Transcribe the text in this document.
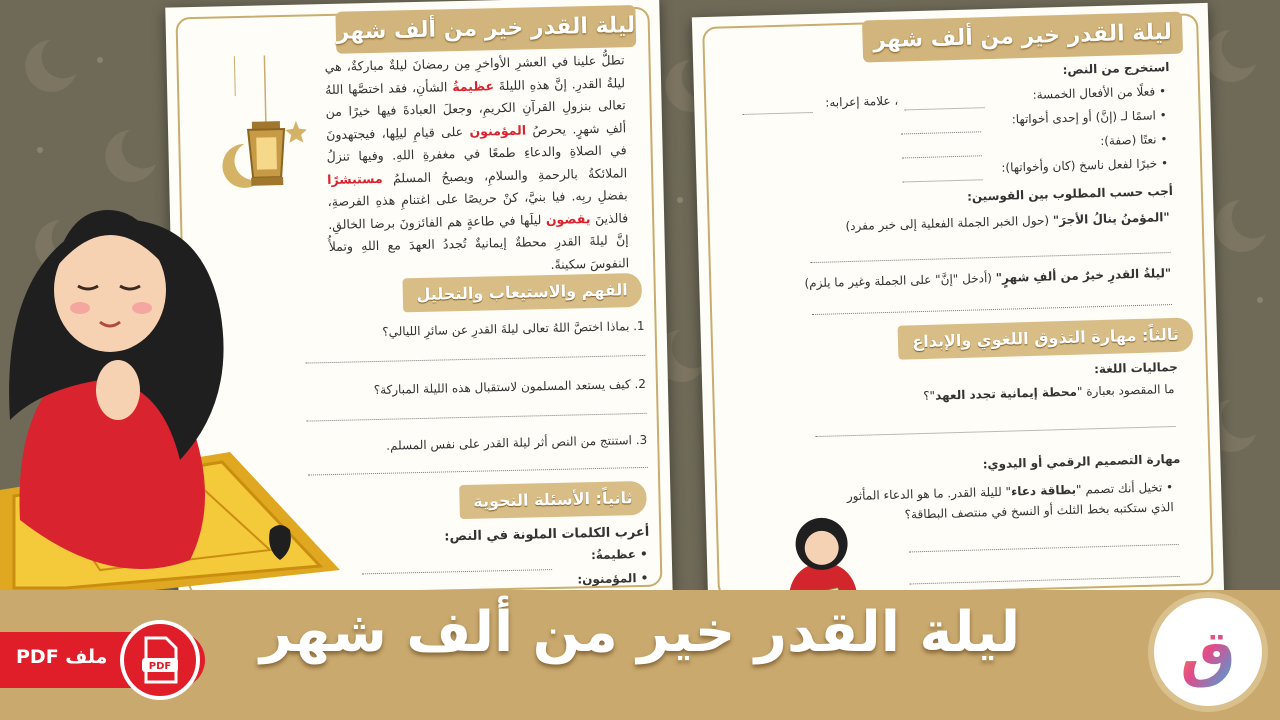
ليلة القدر خير من ألف شهر
تطلُّ علينا في العشرِ الأواخرِ مِن رمضانَ ليلةٌ مباركةٌ، هي ليلةُ القدرِ. إنَّ هذهِ الليلةَ عظيمةُ الشأنِ، فقد اختصَّها اللهُ تعالى بنزولِ القرآنِ الكريمِ، وجعلَ العبادةَ فيها خيرًا من ألفِ شهرٍ. يحرصُ المؤمنون على قيامِ ليلِها، فيجتهدونَ في الصلاةِ والدعاءِ طمعًا في مغفرةِ اللهِ. وفيها تنزلُ الملائكةُ بالرحمةِ والسلامِ، ويصبحُ المسلمُ مستبشرًا بفضلِ ربِه. فيا بنيَّ، كنْ حريصًا على اغتنامِ هذهِ الفرصةِ، فالذينَ يقضون ليلَها في طاعةٍ هم الفائزونَ برضا الخالقِ. إنَّ ليلةَ القدرِ محطةٌ إيمانيةٌ تُجددُ العهدَ مع اللهِ وتملأُ النفوسَ سكينةً.
الفهم والاستيعاب والتحليل
1. بماذا اختصَّ اللهُ تعالى ليلةَ القدرِ عن سائرِ الليالي؟
2. كيف يستعد المسلمون لاستقبال هذه الليلة المباركة؟
3. استنتج من النص أثر ليلة القدر على نفس المسلم.
ثانياً: الأسئلة النحوية
أعرب الكلمات الملونة في النص:
• عظيمةُ:
• المؤمنون:
ليلة القدر خير من ألف شهر
استخرج من النص:
• فعلًا من الأفعال الخمسة:
، علامة إعرابه:
• اسمًا لـ (إنَّ) أو إحدى أخواتها:
• نعتًا (صفة):
• خبرًا لفعل ناسخ (كان وأخواتها):
أجب حسب المطلوب بين القوسين:
"المؤمنُ ينالُ الأجرَ" (حول الخبر الجملة الفعلية إلى خبر مفرد)
"ليلةُ القدرِ خيرٌ من ألفِ شهرٍ" (أدخل "إنَّ" على الجملة وغير ما يلزم)
ثالثاً: مهارة التذوق اللغوي والإبداع
جماليات اللغة:
ما المقصود بعبارة "محطة إيمانية تجدد العهد"؟
مهارة التصميم الرقمي أو اليدوي:
• تخيل أنك تصمم "بطاقة دعاء" لليلة القدر. ما هو الدعاء المأثور
الذي ستكتبه بخط الثلث أو النسخ في منتصف البطاقة؟
ليلة القدر خير من ألف شهر
ملف PDF	PDF	ق
